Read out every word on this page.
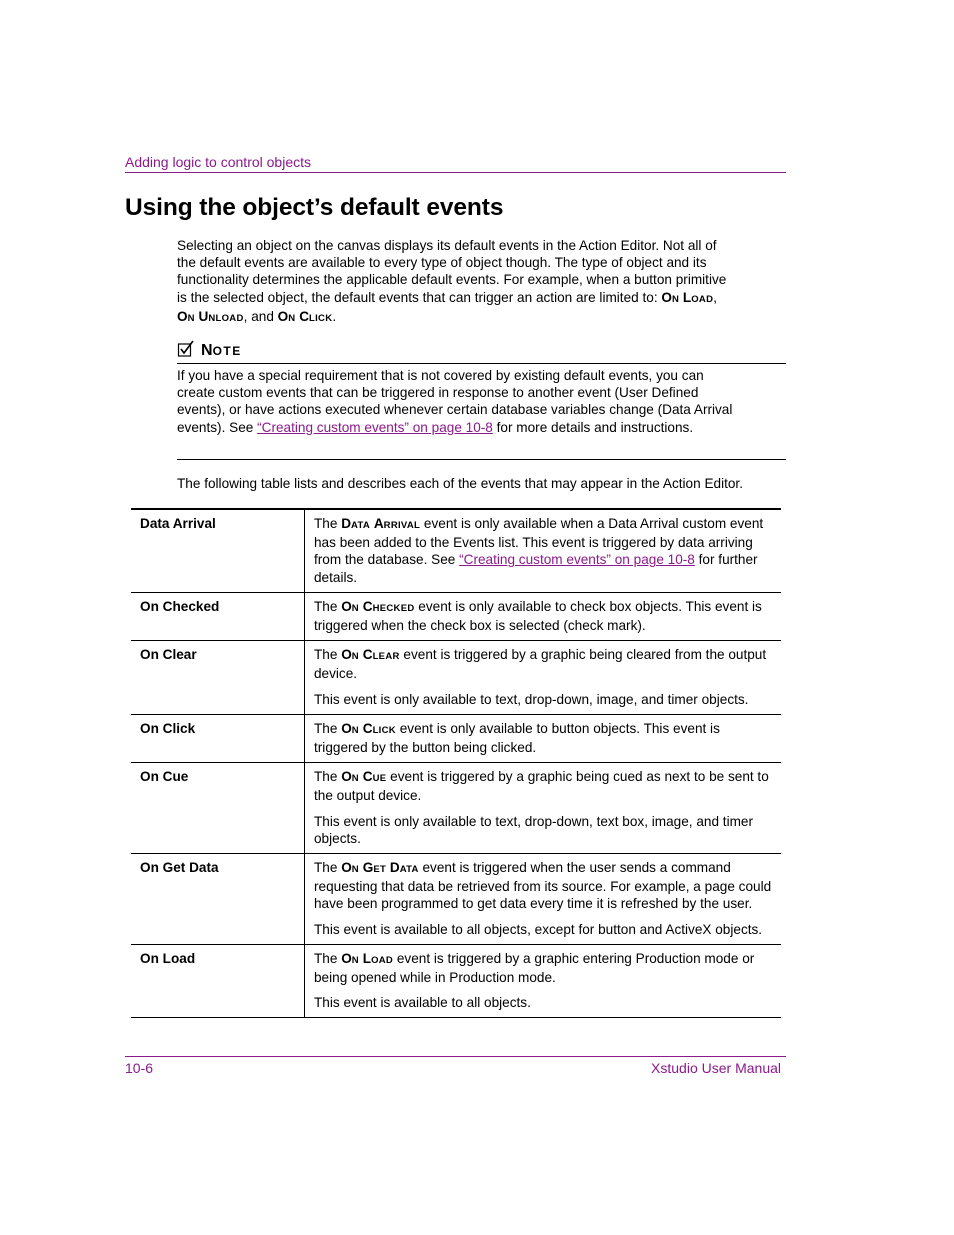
Adding logic to control objects
Using the object’s default events

Selecting an object on the canvas displays its default events in the Action Editor. Not all of the default events are available to every type of object though. The type of object and its functionality determines the applicable default events. For example, when a button primitive is the selected object, the default events that can trigger an action are limited to: ON LOAD, ON UNLOAD, and ON CLICK.

NOTE

If you have a special requirement that is not covered by existing default events, you can create custom events that can be triggered in response to another event (User Defined events), or have actions executed whenever certain database variables change (Data Arrival events). See “Creating custom events” on page 10-8 for more details and instructions.

The following table lists and describes each of the events that may appear in the Action Editor.

Data Arrival	The DATA ARRIVAL event is only available when a Data Arrival custom event has been added to the Events list. This event is triggered by data arriving from the database. See “Creating custom events” on page 10-8 for further details.

On Checked	The ON CHECKED event is only available to check box objects. This event is triggered when the check box is selected (check mark).

On Clear	The ON CLEAR event is triggered by a graphic being cleared from the output device.

This event is only available to text, drop-down, image, and timer objects.

On Click	The ON CLICK event is only available to button objects. This event is triggered by the button being clicked.

On Cue	The ON CUE event is triggered by a graphic being cued as next to be sent to the output device.

This event is only available to text, drop-down, text box, image, and timer objects.

On Get Data	The ON GET DATA event is triggered when the user sends a command requesting that data be retrieved from its source. For example, a page could have been programmed to get data every time it is refreshed by the user.

This event is available to all objects, except for button and ActiveX objects.

On Load	The ON LOAD event is triggered by a graphic entering Production mode or being opened while in Production mode.

This event is available to all objects.

10-6	Xstudio User Manual
